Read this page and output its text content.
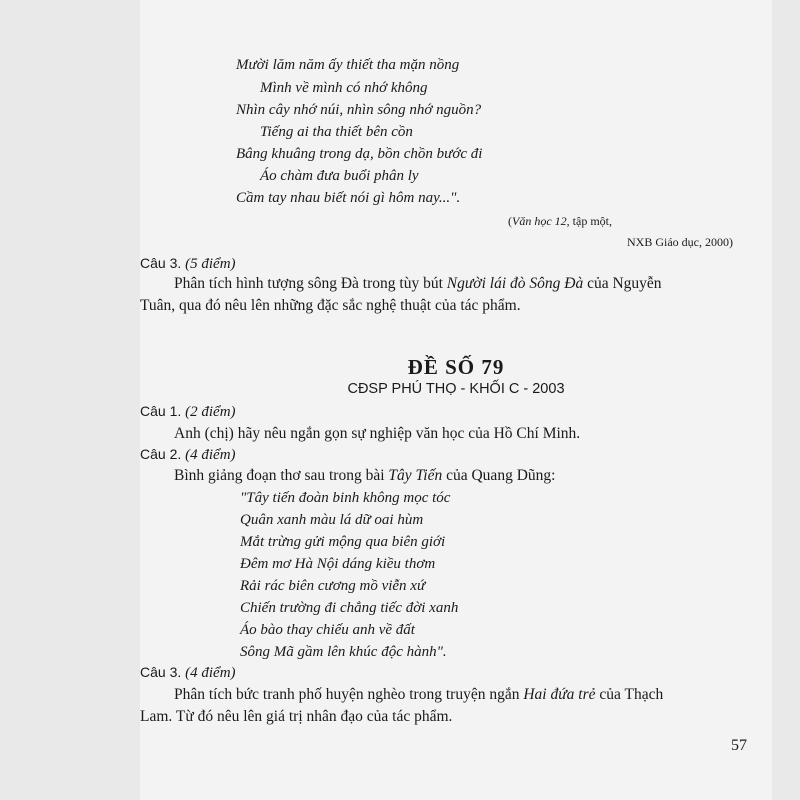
Mười lăm năm ấy thiết tha mặn nồng
Mình về mình có nhớ không
Nhìn cây nhớ núi, nhìn sông nhớ nguồn?
Tiếng ai tha thiết bên cồn
Bâng khuâng trong dạ, bồn chồn bước đi
Áo chàm đưa buổi phân ly
Cầm tay nhau biết nói gì hôm nay...".
(Văn học 12, tập một,
NXB Giáo dục, 2000)
Câu 3. (5 điểm)
Phân tích hình tượng sông Đà trong tùy bút Người lái đò Sông Đà của Nguyễn
Tuân, qua đó nêu lên những đặc sắc nghệ thuật của tác phẩm.
ĐỀ SỐ 79
CĐSP PHÚ THỌ - KHỐI C - 2003
Câu 1. (2 điểm)
Anh (chị) hãy nêu ngắn gọn sự nghiệp văn học của Hồ Chí Minh.
Câu 2. (4 điểm)
Bình giảng đoạn thơ sau trong bài Tây Tiến của Quang Dũng:
"Tây tiến đoàn binh không mọc tóc
Quân xanh màu lá dữ oai hùm
Mắt trừng gửi mộng qua biên giới
Đêm mơ Hà Nội dáng kiều thơm
Rải rác biên cương mồ viễn xứ
Chiến trường đi chẳng tiếc đời xanh
Áo bào thay chiếu anh về đất
Sông Mã gầm lên khúc độc hành".
Câu 3. (4 điểm)
Phân tích bức tranh phố huyện nghèo trong truyện ngắn Hai đứa trẻ của Thạch
Lam. Từ đó nêu lên giá trị nhân đạo của tác phẩm.
57
